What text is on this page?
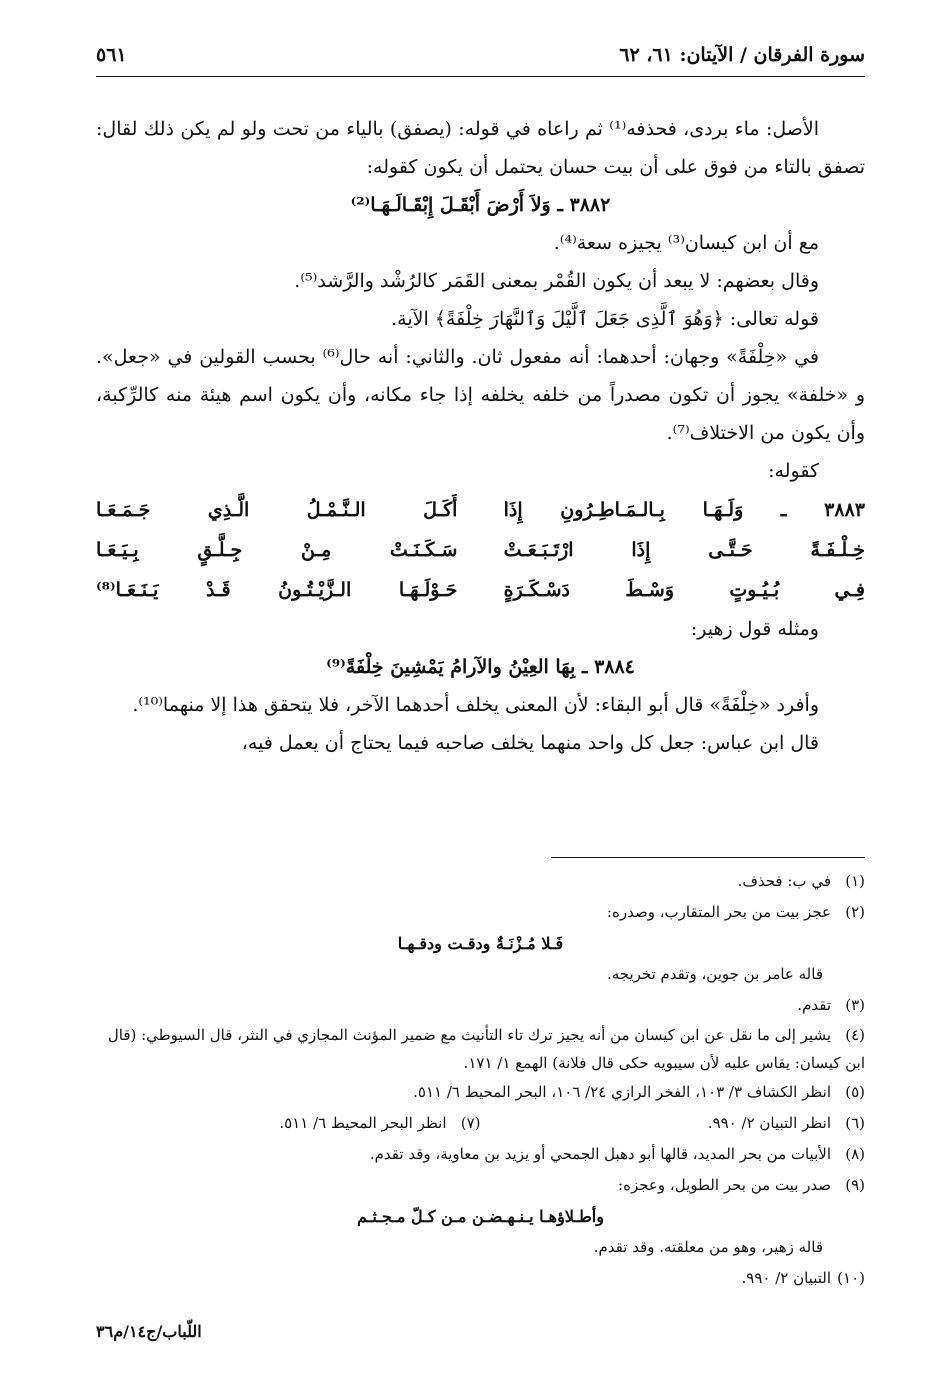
سورة الفرقان / الآيتان: ٦١، ٦٢
٥٦١

الأصل: ماء بردى، فحذفه⁽¹⁾ ثم راعاه في قوله: (يصفق) بالياء من تحت ولو لم يكن ذلك لقال: تصفق بالتاء من فوق على أن بيت حسان يحتمل أن يكون كقوله:

٣٨٨٢ ـ وَلاَ أَرْضَ أَبْقَـلَ إِبْقَـالَـهَـا⁽²⁾

مع أن ابن كيسان⁽³⁾ يجيزه سعة⁽⁴⁾.

وقال بعضهم: لا يبعد أن يكون القُمْر بمعنى القَمَر كالرُشْد والرَّشد⁽⁵⁾.

قوله تعالى: ﴿وَهُوَ ٱلَّذِى جَعَلَ ٱلَّيْلَ وَٱلنَّهَارَ خِلْفَةً﴾ الآية.

في «خِلْفَةً» وجهان: أحدهما: أنه مفعول ثان. والثاني: أنه حال⁽⁶⁾ بحسب القولين في «جعل». و «خلفة» يجوز أن تكون مصدراً من خلفه يخلفه إذا جاء مكانه، وأن يكون اسم هيئة منه كالرِّكبة، وأن يكون من الاختلاف⁽⁷⁾.

كقوله:

٣٨٨٣ ـ وَلَـهَـا بِـالـمَـاطِـرُونِ إِذَا
أَكَـلَ الـنَّـمْـلُ الَّـذِي جَـمَـعَـا
خِـلْـفَـةً حَـتَّـى إِذَا ارْتَـبَـعَـتْ
سَـكَـنَـتْ مِـنْ جِـلَّـقٍ بِـيَـعَـا
فِـي بُـيُـوتٍ وَسْـطَ دَسْـكَـرَةٍ
حَـوْلَـهَـا الـزَّيْـتُـونُ قَـدْ يَـنَـعَـا⁽⁸⁾

ومثله قول زهير:

٣٨٨٤ ـ بِهَا العِيْنُ والآرامُ يَمْشِينَ خِلْفَةً⁽⁹⁾

وأفرد «خِلْفَةً» قال أبو البقاء: لأن المعنى يخلف أحدهما الآخر، فلا يتحقق هذا إلا منهما⁽¹⁰⁾.

قال ابن عباس: جعل كل واحد منهما يخلف صاحبه فيما يحتاج أن يعمل فيه،

(١)في ب: فحذف.

(٢)عجز بيت من بحر المتقارب، وصدره:

فَـلا مُـزْنَـةٌ ودقـت ودقـهـا

قاله عامر بن جوين، وتقدم تخريجه.

(٣)تقدم.

(٤)يشير إلى ما نقل عن ابن كيسان من أنه يجيز ترك تاء التأنيث مع ضمير المؤنث المجازي في النثر، قال السيوطي: (قال ابن كيسان: يقاس عليه لأن سيبويه حكى قال فلانة) الهمع ١/ ١٧١.

(٥)انظر الكشاف ٣/ ١٠٣، الفخر الرازي ٢٤/ ١٠٦، البحر المحيط ٦/ ٥١١.

(٦)انظر التبيان ٢/ ٩٩٠.

(٧)انظر البحر المحيط ٦/ ٥١١.

(٨)الأبيات من بحر المديد، قالها أبو دهبل الجمحي أو يزيد بن معاوية، وقد تقدم.

(٩)صدر بيت من بحر الطويل، وعجزه:

وأطـلاؤهـا يـنـهـضـن مـن كـلّ مـجـثـم

قاله زهير، وهو من معلقته. وقد تقدم.

(١٠)التبيان ٢/ ٩٩٠.

اللّباب/ج١٤/م٣٦
